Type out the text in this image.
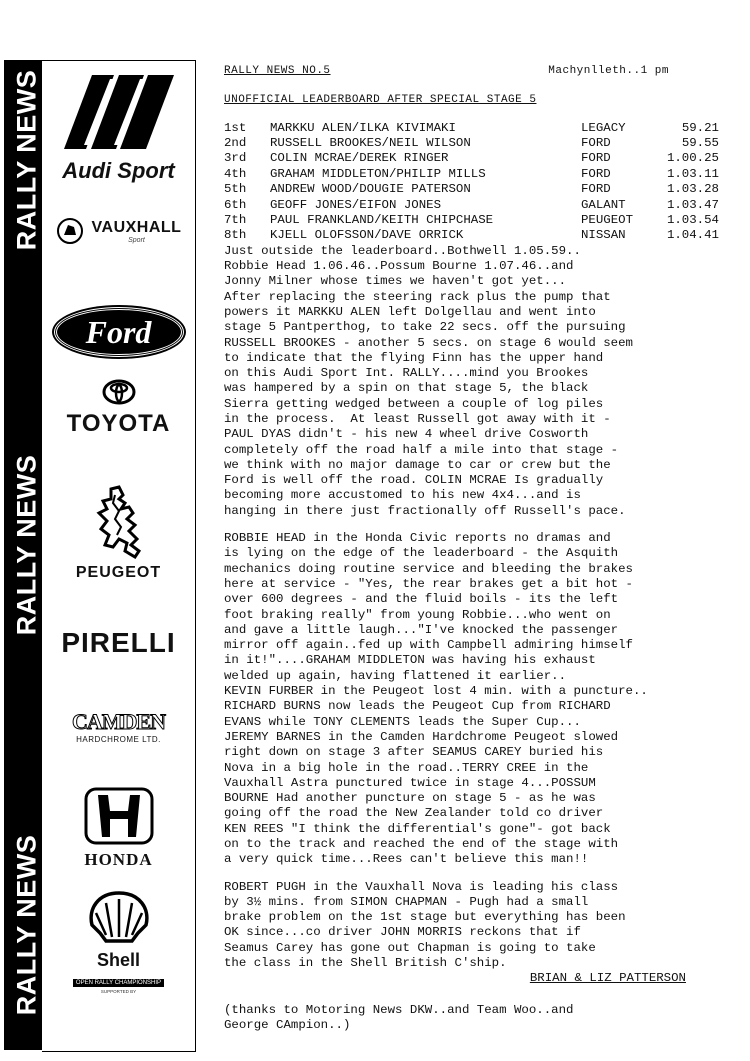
RALLY NEWS
RALLY NEWS
RALLY NEWS
Audi Sport
VAUXHALL
Sport
Ford
TOYOTA
PEUGEOT
PIRELLI
CAMDEN
HARDCHROME LTD.
HONDA
Shell
OPEN RALLY CHAMPIONSHIP
SUPPORTED BY
RALLY NEWS NO.5	Machynlleth..1 pm
UNOFFICIAL LEADERBOARD AFTER SPECIAL STAGE 5
1st	MARKKU ALEN/ILKA KIVIMAKI	LEGACY	59.21
2nd	RUSSELL BROOKES/NEIL WILSON	FORD	59.55
3rd	COLIN MCRAE/DEREK RINGER	FORD	1.00.25
4th	GRAHAM MIDDLETON/PHILIP MILLS	FORD	1.03.11
5th	ANDREW WOOD/DOUGIE PATERSON	FORD	1.03.28
6th	GEOFF JONES/EIFON JONES	GALANT	1.03.47
7th	PAUL FRANKLAND/KEITH CHIPCHASE	PEUGEOT	1.03.54
8th	KJELL OLOFSSON/DAVE ORRICK	NISSAN	1.04.41

Just outside the leaderboard..Bothwell 1.05.59..

Robbie Head 1.06.46..Possum Bourne 1.07.46..and

Jonny Milner whose times we haven't got yet...

After replacing the steering rack plus the pump that

powers it MARKKU ALEN left Dolgellau and went into

stage 5 Pantperthog, to take 22 secs. off the pursuing

RUSSELL BROOKES - another 5 secs. on stage 6 would seem

to indicate that the flying Finn has the upper hand

on this Audi Sport Int. RALLY....mind you Brookes

was hampered by a spin on that stage 5, the black

Sierra getting wedged between a couple of log piles

in the process.  At least Russell got away with it -

PAUL DYAS didn't - his new 4 wheel drive Cosworth

completely off the road half a mile into that stage -

we think with no major damage to car or crew but the

Ford is well off the road. COLIN MCRAE Is gradually

becoming more accustomed to his new 4x4...and is

hanging in there just fractionally off Russell's pace.

ROBBIE HEAD in the Honda Civic reports no dramas and

is lying on the edge of the leaderboard - the Asquith

mechanics doing routine service and bleeding the brakes

here at service - "Yes, the rear brakes get a bit hot -

over 600 degrees - and the fluid boils - its the left

foot braking really" from young Robbie...who went on

and gave a little laugh..."I've knocked the passenger

mirror off again..fed up with Campbell admiring himself

in it!"....GRAHAM MIDDLETON was having his exhaust

welded up again, having flattened it earlier..

KEVIN FURBER in the Peugeot lost 4 min. with a puncture..

RICHARD BURNS now leads the Peugeot Cup from RICHARD

EVANS while TONY CLEMENTS leads the Super Cup...

JEREMY BARNES in the Camden Hardchrome Peugeot slowed

right down on stage 3 after SEAMUS CAREY buried his

Nova in a big hole in the road..TERRY CREE in the

Vauxhall Astra punctured twice in stage 4...POSSUM

BOURNE Had another puncture on stage 5 - as he was

going off the road the New Zealander told co driver

KEN REES "I think the differential's gone"- got back

on to the track and reached the end of the stage with

a very quick time...Rees can't believe this man!!

ROBERT PUGH in the Vauxhall Nova is leading his class

by 3½ mins. from SIMON CHAPMAN - Pugh had a small

brake problem on the 1st stage but everything has been

OK since...co driver JOHN MORRIS reckons that if

Seamus Carey has gone out Chapman is going to take

the class in the Shell British C'ship.

BRIAN & LIZ PATTERSON

(thanks to Motoring News DKW..and Team Woo..and

George CAmpion..)
